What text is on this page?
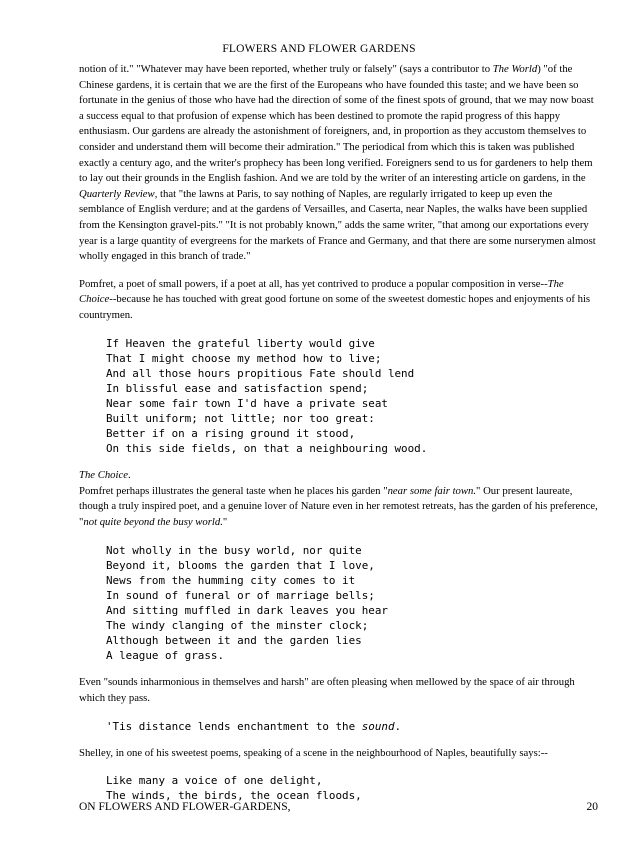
FLOWERS AND FLOWER GARDENS

notion of it." "Whatever may have been reported, whether truly or falsely" (says a contributor to The World) "of the Chinese gardens, it is certain that we are the first of the Europeans who have founded this taste; and we have been so fortunate in the genius of those who have had the direction of some of the finest spots of ground, that we may now boast a success equal to that profusion of expense which has been destined to promote the rapid progress of this happy enthusiasm. Our gardens are already the astonishment of foreigners, and, in proportion as they accustom themselves to consider and understand them will become their admiration." The periodical from which this is taken was published exactly a century ago, and the writer's prophecy has been long verified. Foreigners send to us for gardeners to help them to lay out their grounds in the English fashion. And we are told by the writer of an interesting article on gardens, in the Quarterly Review, that "the lawns at Paris, to say nothing of Naples, are regularly irrigated to keep up even the semblance of English verdure; and at the gardens of Versailles, and Caserta, near Naples, the walks have been supplied from the Kensington gravel-pits." "It is not probably known," adds the same writer, "that among our exportations every year is a large quantity of evergreens for the markets of France and Germany, and that there are some nurserymen almost wholly engaged in this branch of trade."

Pomfret, a poet of small powers, if a poet at all, has yet contrived to produce a popular composition in verse--The Choice--because he has touched with great good fortune on some of the sweetest domestic hopes and enjoyments of his countrymen.

If Heaven the grateful liberty would give

That I might choose my method how to live;

And all those hours propitious Fate should lend

In blissful ease and satisfaction spend;

Near some fair town I'd have a private seat

Built uniform; not little; nor too great:

Better if on a rising ground it stood,

On this side fields, on that a neighbouring wood.

The Choice.
Pomfret perhaps illustrates the general taste when he places his garden "near some fair town." Our present laureate, though a truly inspired poet, and a genuine lover of Nature even in her remotest retreats, has the garden of his preference, "not quite beyond the busy world."

Not wholly in the busy world, nor quite

Beyond it, blooms the garden that I love,

News from the humming city comes to it

In sound of funeral or of marriage bells;

And sitting muffled in dark leaves you hear

The windy clanging of the minster clock;

Although between it and the garden lies

A league of grass.

Even "sounds inharmonious in themselves and harsh" are often pleasing when mellowed by the space of air through which they pass.

'Tis distance lends enchantment to the sound.

Shelley, in one of his sweetest poems, speaking of a scene in the neighbourhood of Naples, beautifully says:--

Like many a voice of one delight,

The winds, the birds, the ocean floods,

ON FLOWERS AND FLOWER-GARDENS,	20
